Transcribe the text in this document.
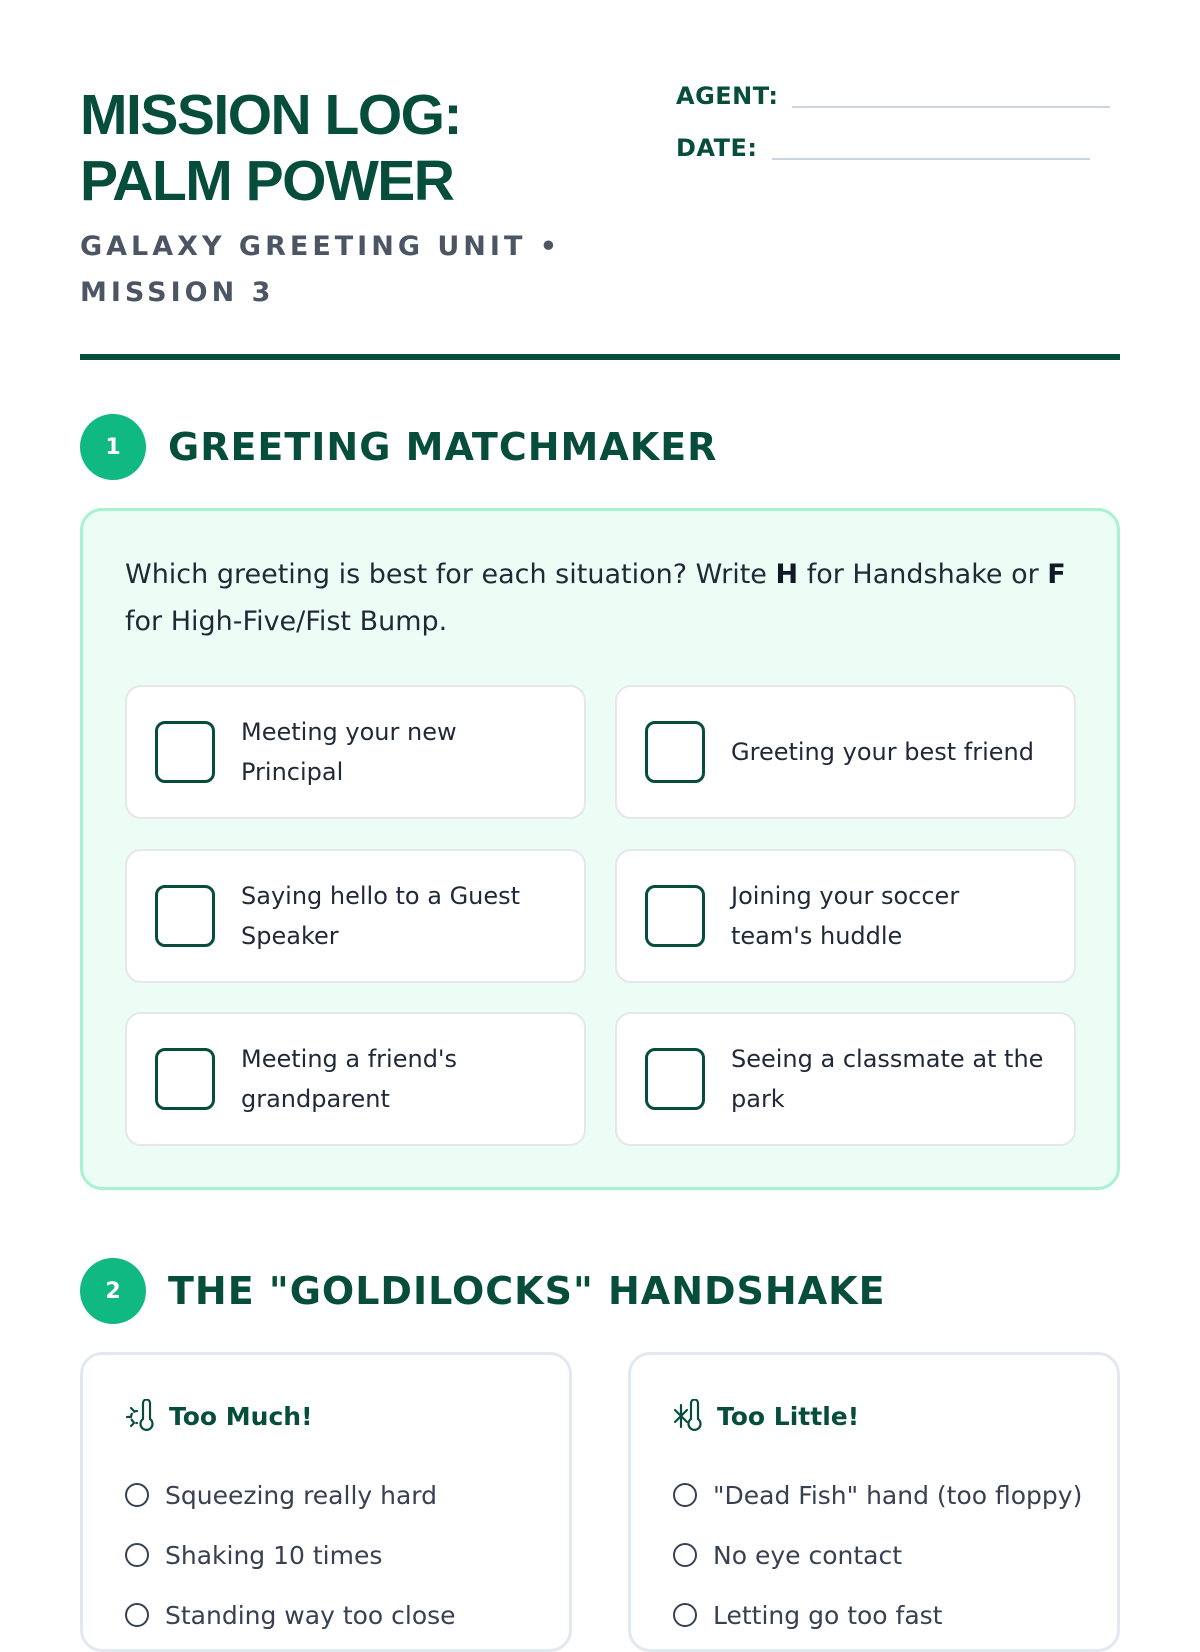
MISSION LOG:
PALM POWER
GALAXY GREETING UNIT • MISSION 3
AGENT:
DATE:
1	GREETING MATCHMAKER
Which greeting is best for each situation? Write H for Handshake or F for High-Five/Fist Bump.
Meeting your new Principal
Greeting your best friend
Saying hello to a Guest Speaker
Joining your soccer team's huddle
Meeting a friend's grandparent
Seeing a classmate at the park
2	THE "GOLDILOCKS" HANDSHAKE
Too Much!
Squeezing really hard
Shaking 10 times
Standing way too close
Too Little!
"Dead Fish" hand (too floppy)
No eye contact
Letting go too fast
